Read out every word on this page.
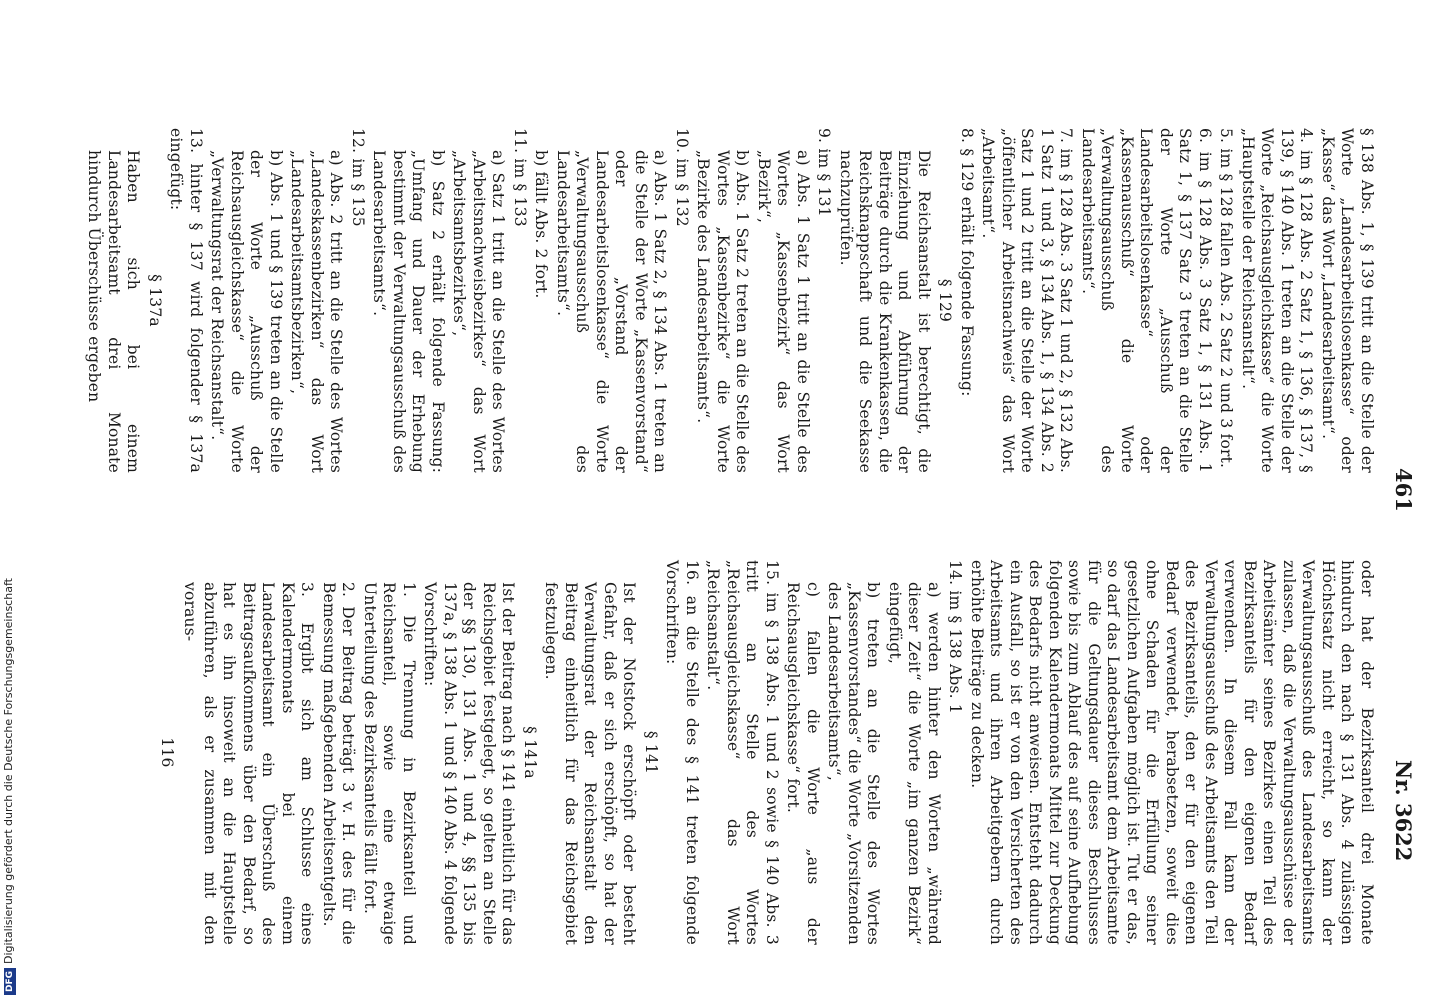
461
Nr. 3622

§ 138 Abs. 1, § 139 tritt an die Stelle der Worte „Landesarbeitslosenkasse“ oder „Kasse“ das Wort „Landesarbeitsamt“.

4. im § 128 Abs. 2 Satz 1, § 136, § 137, § 139, § 140 Abs. 1 treten an die Stelle der Worte „Reichsausgleichskasse“ die Worte „Hauptstelle der Reichsanstalt“.

5. im § 128 fallen Abs. 2 Satz 2 und 3 fort.

6. im § 128 Abs. 3 Satz 1, § 131 Abs. 1 Satz 1, § 137 Satz 3 treten an die Stelle der Worte „Ausschuß der Landesarbeitslosenkasse“ oder „Kassenausschuß“ die Worte „Verwaltungsausschuß des Landesarbeitsamts“.

7. im § 128 Abs. 3 Satz 1 und 2, § 132 Abs. 1 Satz 1 und 3, § 134 Abs. 1, § 134 Abs. 2 Satz 1 und 2 tritt an die Stelle der Worte „öffentlicher Arbeitsnachweis“ das Wort „Arbeitsamt“.

8. § 129 erhält folgende Fassung:

§ 129

Die Reichsanstalt ist berechtigt, die Einziehung und Abführung der Beiträge durch die Krankenkassen, die Reichsknappschaft und die Seekasse nachzuprüfen.

9. im § 131

a) Abs. 1 Satz 1 tritt an die Stelle des Wortes „Kassenbezirk“ das Wort „Bezirk“,

b) Abs. 1 Satz 2 treten an die Stelle des Wortes „Kassenbezirke“ die Worte „Bezirke des Landesarbeitsamts“.

10. im § 132

a) Abs. 1 Satz 2, § 134 Abs. 1 treten an die Stelle der Worte „Kassenvorstand“ oder „Vorstand der Landesarbeitslosenkasse“ die Worte „Verwaltungsausschuß des Landesarbeitsamts“.

b) fällt Abs. 2 fort.

11. im § 133

a) Satz 1 tritt an die Stelle des Wortes „Arbeitsnachweisbezirkes“ das Wort „Arbeitsamtsbezirkes“,

b) Satz 2 erhält folgende Fassung: „Umfang und Dauer der Erhebung bestimmt der Verwaltungsausschuß des Landesarbeitsamts“.

12. im § 135

a) Abs. 2 tritt an die Stelle des Wortes „Landeskassenbezirken“ das Wort „Landesarbeitsamtsbezirken“,

b) Abs. 1 und § 139 treten an die Stelle der Worte „Ausschuß der Reichsausgleichskasse“ die Worte „Verwaltungsrat der Reichsanstalt“.

13. hinter § 137 wird folgender § 137a eingefügt:

§ 137a

Haben sich bei einem Landesarbeitsamt drei Monate hindurch Überschüsse ergeben

oder hat der Bezirksanteil drei Monate hindurch den nach § 131 Abs. 4 zulässigen Höchstsatz nicht erreicht, so kann der Verwaltungsausschuß des Landesarbeitsamts zulassen, daß die Verwaltungsausschüsse der Arbeitsämter seines Bezirkes einen Teil des Bezirksanteils für den eigenen Bedarf verwenden. In diesem Fall kann der Verwaltungsausschuß des Arbeitsamts den Teil des Bezirksanteils, den er für den eigenen Bedarf verwendet, herabsetzen, soweit dies ohne Schaden für die Erfüllung seiner gesetzlichen Aufgaben möglich ist. Tut er das, so darf das Landesarbeitsamt dem Arbeitsamte für die Geltungsdauer dieses Beschlusses sowie bis zum Ablauf des auf seine Aufhebung folgenden Kalendermonats Mittel zur Deckung des Bedarfs nicht anweisen. Entsteht dadurch ein Ausfall, so ist er von den Versicherten des Arbeitsamts und ihren Arbeitgebern durch erhöhte Beiträge zu decken.

14. im § 138 Abs. 1

a) werden hinter den Worten „während dieser Zeit“ die Worte „im ganzen Bezirk“ eingefügt,

b) treten an die Stelle des Wortes „Kassenvorstandes“ die Worte „Vorsitzenden des Landesarbeitsamts“,

c) fallen die Worte „aus der Reichsausgleichskasse“ fort.

15. im § 138 Abs. 1 und 2 sowie § 140 Abs. 3 tritt an Stelle des Wortes „Reichsausgleichskasse“ das Wort „Reichsanstalt“.

16. an die Stelle des § 141 treten folgende Vorschriften:

§ 141

Ist der Notstock erschöpft oder besteht Gefahr, daß er sich erschöpft, so hat der Verwaltungsrat der Reichsanstalt den Beitrag einheitlich für das Reichsgebiet festzulegen.

§ 141a

Ist der Beitrag nach § 141 einheitlich für das Reichsgebiet festgelegt, so gelten an Stelle der §§ 130, 131 Abs. 1 und 4, §§ 135 bis 137a, § 138 Abs. 1 und § 140 Abs. 4 folgende Vorschriften:

1. Die Trennung in Bezirksanteil und Reichsanteil, sowie eine etwaige Unterteilung des Bezirksanteils fällt fort.

2. Der Beitrag beträgt 3 v. H. des für die Bemessung maßgebenden Arbeitsentgelts.

3. Ergibt sich am Schlusse eines Kalendermonats bei einem Landesarbeitsamt ein Überschuß des Beitragsaufkommens über den Bedarf, so hat es ihn insoweit an die Hauptstelle abzuführen, als er zusammen mit den voraus-

116
DFGDigitalisierung gefördert durch die Deutsche Forschungsgemeinschaft
